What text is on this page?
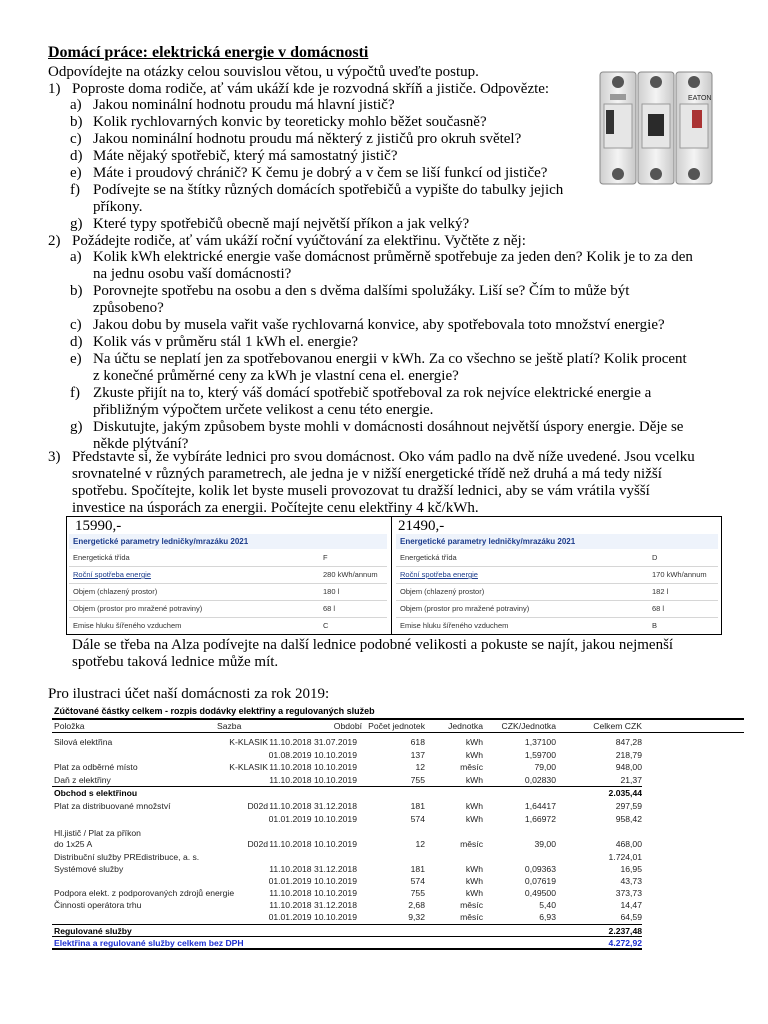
Domácí práce: elektrická energie v domácnosti
Odpovídejte na otázky celou souvislou větou, u výpočtů uveďte postup.
1) Poproste doma rodiče, ať vám ukáží kde je rozvodná skříň a jističe. Odpovězte:
a) Jakou nominální hodnotu proudu má hlavní jistič?
b) Kolik rychlovarných konvic by teoreticky mohlo běžet současně?
c) Jakou nominální hodnotu proudu má některý z jističů pro okruh světel?
d) Máte nějaký spotřebič, který má samostatný jistič?
e) Máte i proudový chránič? K čemu je dobrý a v čem se liší funkcí od jističe?
f) Podívejte se na štítky různých domácích spotřebičů a vypište do tabulky jejich
příkony.
g) Které typy spotřebičů obecně mají největší příkon a jak velký?
EATON
2) Požádejte rodiče, ať vám ukáží roční vyúčtování za elektřinu. Vyčtěte z něj:
a) Kolik kWh elektrické energie vaše domácnost průměrně spotřebuje za jeden den? Kolik je to za den
na jednu osobu vaší domácnosti?
b) Porovnejte spotřebu na osobu a den s dvěma dalšími spolužáky. Liší se? Čím to může být
způsobeno?
c) Jakou dobu by musela vařit vaše rychlovarná konvice, aby spotřebovala toto množství energie?
d) Kolik vás v průměru stál 1 kWh el. energie?
e) Na účtu se neplatí jen za spotřebovanou energii v kWh. Za co všechno se ještě platí? Kolik procent
z konečné průměrné ceny za kWh je vlastní cena el. energie?
f) Zkuste přijít na to, který váš domácí spotřebič spotřeboval za rok nejvíce elektrické energie a
přibližným výpočtem určete velikost a cenu této energie.
g) Diskutujte, jakým způsobem byste mohli v domácnosti dosáhnout největší úspory energie. Děje se
někde plýtvání?
3) Představte si, že vybíráte lednici pro svou domácnost. Oko vám padlo na dvě níže uvedené. Jsou vcelku
srovnatelné v různých parametrech, ale jedna je v nižší energetické třídě než druhá a má tedy nižší
spotřebu. Spočítejte, kolik let byste museli provozovat tu dražší lednici, aby se vám vrátila vyšší
investice na úsporách za energii. Počítejte cenu elektřiny 4 kč/kWh.
15990,-
Energetické parametry ledničky/mrazáku 2021
Energetická třída	F
Roční spotřeba energie	280 kWh/annum
Objem (chlazený prostor)	180 l
Objem (prostor pro mražené potraviny)	68 l
Emise hluku šířeného vzduchem	C
21490,-
Energetické parametry ledničky/mrazáku 2021
Energetická třída	D
Roční spotřeba energie	170 kWh/annum
Objem (chlazený prostor)	182 l
Objem (prostor pro mražené potraviny)	68 l
Emise hluku šířeného vzduchem	B
Dále se třeba na Alza podívejte na další lednice podobné velikosti a pokuste se najít, jakou nejmenší
spotřebu taková lednice může mít.
Pro ilustraci účet naší domácnosti za rok 2019:
Zúčtované částky celkem - rozpis dodávky elektřiny a regulovaných služeb
Položka	Sazba	Období Počet jednotek	Jednotka	CZK/Jednotka	Celkem CZK
Silová elektřina	K-KLASIK 11.10.2018 31.07.2019	618	kWh	1,37100	847,28
01.08.2019 10.10.2019	137	kWh	1,59700	218,79
Plat za odběrné místo	K-KLASIK 11.10.2018 10.10.2019	12	měsíc	79,00	948,00
Daň z elektřiny	11.10.2018 10.10.2019	755	kWh	0,02830	21,37
Obchod s elektřinou	2.035,44
Plat za distribuované množství	D02d 11.10.2018 31.12.2018	181	kWh	1,64417	297,59
01.01.2019 10.10.2019	574	kWh	1,66972	958,42
Hl.jistič / Plat za příkon
do 1x25 A	D02d 11.10.2018 10.10.2019	12	měsíc	39,00	468,00
Distribuční služby PREdistribuce, a. s.	1.724,01
Systémové služby	11.10.2018 31.12.2018	181	kWh	0,09363	16,95
01.01.2019 10.10.2019	574	kWh	0,07619	43,73
Podpora elekt. z podporovaných zdrojů energie	11.10.2018 10.10.2019	755	kWh	0,49500	373,73
Činnosti operátora trhu	11.10.2018 31.12.2018	2,68	měsíc	5,40	14,47
01.01.2019 10.10.2019	9,32	měsíc	6,93	64,59
Regulované služby	2.237,48
Elektřina a regulované služby celkem bez DPH	4.272,92
